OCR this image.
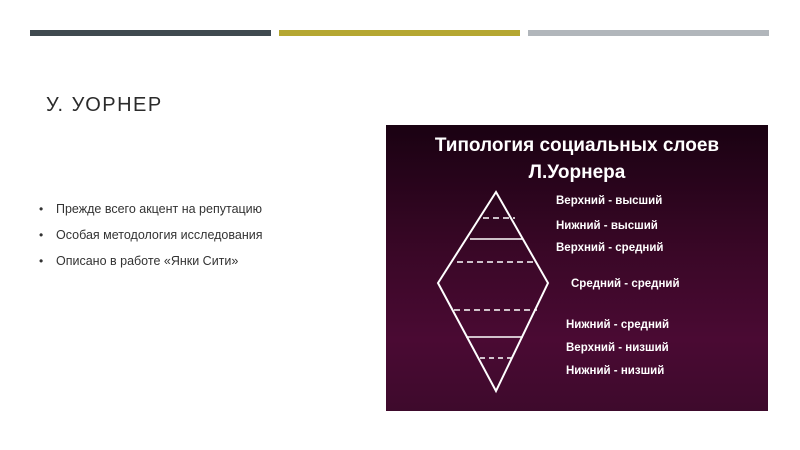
У. УОРНЕР
• Прежде всего акцент на репутацию
• Особая методология исследования
• Описано в работе «Янки Сити»
Типология социальных слоев
Л.Уорнера
Верхний - высший
Нижний - высший
Верхний - средний
Средний - средний
Нижний - средний
Верхний - низший
Нижний - низший
